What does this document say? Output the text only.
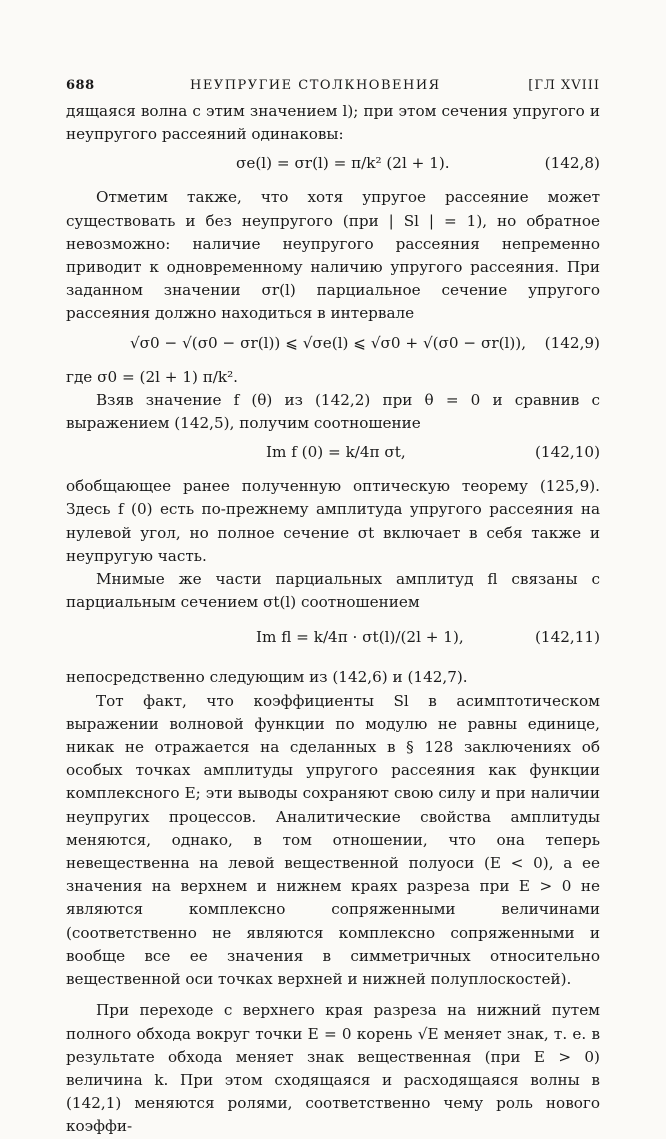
688	НЕУПРУГИЕ СТОЛКНОВЕНИЯ	[ГЛ XVIII

дящаяся волна с этим значением l); при этом сечения упругого и неупругого рассеяний одинаковы:

σe(l) = σr(l) = π/k² (2l + 1).	(142,8)

Отметим также, что хотя упругое рассеяние может существовать и без неупругого (при | Sl | = 1), но обратное невозможно: наличие неупругого рассеяния непременно приводит к одновременному наличию упругого рассеяния. При заданном значении σr(l) парциальное сечение упругого рассеяния должно находиться в интервале

√σ0 − √(σ0 − σr(l)) ⩽ √σe(l) ⩽ √σ0 + √(σ0 − σr(l)), (142,9)

где σ0 = (2l + 1) π/k².

Взяв значение f (θ) из (142,2) при θ = 0 и сравнив с выражением (142,5), получим соотношение

Im f (0) = k/4π σt,	(142,10)

обобщающее ранее полученную оптическую теорему (125,9). Здесь f (0) есть по-прежнему амплитуда упругого рассеяния на нулевой угол, но полное сечение σt включает в себя также и неупругую часть.

Мнимые же части парциальных амплитуд fl связаны с парциальным сечением σt(l) соотношением

Im fl = k/4π · σt(l)/(2l + 1),	(142,11)

непосредственно следующим из (142,6) и (142,7).

Тот факт, что коэффициенты Sl в асимптотическом выражении волновой функции по модулю не равны единице, никак не отражается на сделанных в § 128 заключениях об особых точках амплитуды упругого рассеяния как функции комплексного E; эти выводы сохраняют свою силу и при наличии неупругих процессов. Аналитические свойства амплитуды меняются, однако, в том отношении, что она теперь невещественна на левой вещественной полуоси (E < 0), а ее значения на верхнем и нижнем краях разреза при E > 0 не являются комплексно сопряженными величинами (соответственно не являются комплексно сопряженными и вообще все ее значения в симметричных относительно вещественной оси точках верхней и нижней полуплоскостей).

При переходе с верхнего края разреза на нижний путем полного обхода вокруг точки E = 0 корень √E меняет знак, т. е. в результате обхода меняет знак вещественная (при E > 0) величина k. При этом сходящаяся и расходящаяся волны в (142,1) меняются ролями, соответственно чему роль нового коэффи-
